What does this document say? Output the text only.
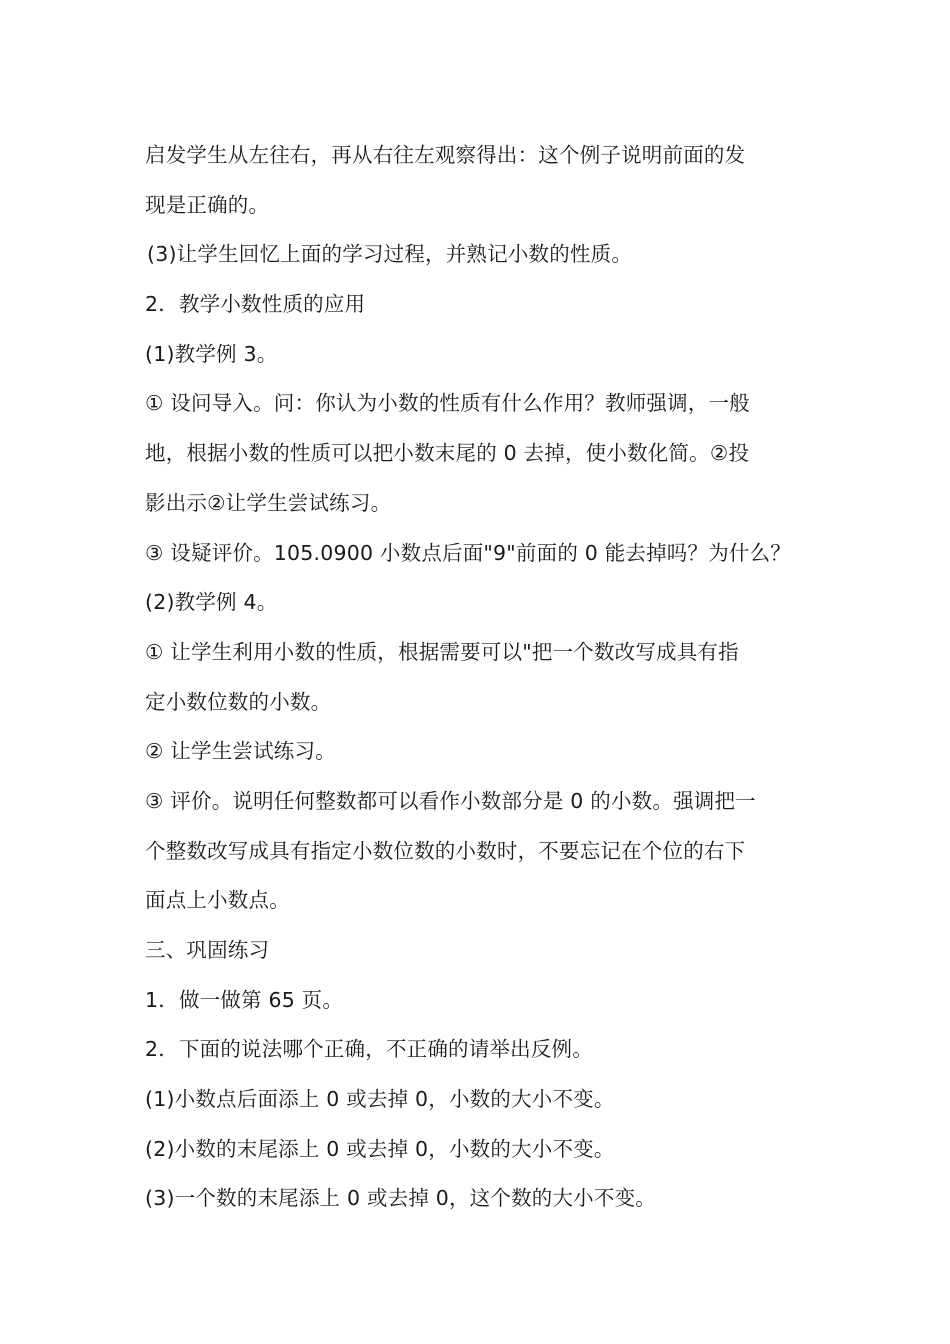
启发学生从左往右，再从右往左观察得出：这个例子说明前面的发
现是正确的。
(3)让学生回忆上面的学习过程，并熟记小数的性质。
2．教学小数性质的应用
(1)教学例 3。
① 设问导入。问：你认为小数的性质有什么作用？教师强调，一般
地，根据小数的性质可以把小数末尾的 0 去掉，使小数化简。②投
影出示②让学生尝试练习。
③ 设疑评价。105.0900 小数点后面"9"前面的 0 能去掉吗？为什么？
(2)教学例 4。
① 让学生利用小数的性质，根据需要可以"把一个数改写成具有指
定小数位数的小数。
② 让学生尝试练习。
③ 评价。说明任何整数都可以看作小数部分是 0 的小数。强调把一
个整数改写成具有指定小数位数的小数时，不要忘记在个位的右下
面点上小数点。
三、巩固练习
1．做一做第 65 页。
2．下面的说法哪个正确，不正确的请举出反例。
(1)小数点后面添上 0 或去掉 0，小数的大小不变。
(2)小数的末尾添上 0 或去掉 0，小数的大小不变。
(3)一个数的末尾添上 0 或去掉 0，这个数的大小不变。
